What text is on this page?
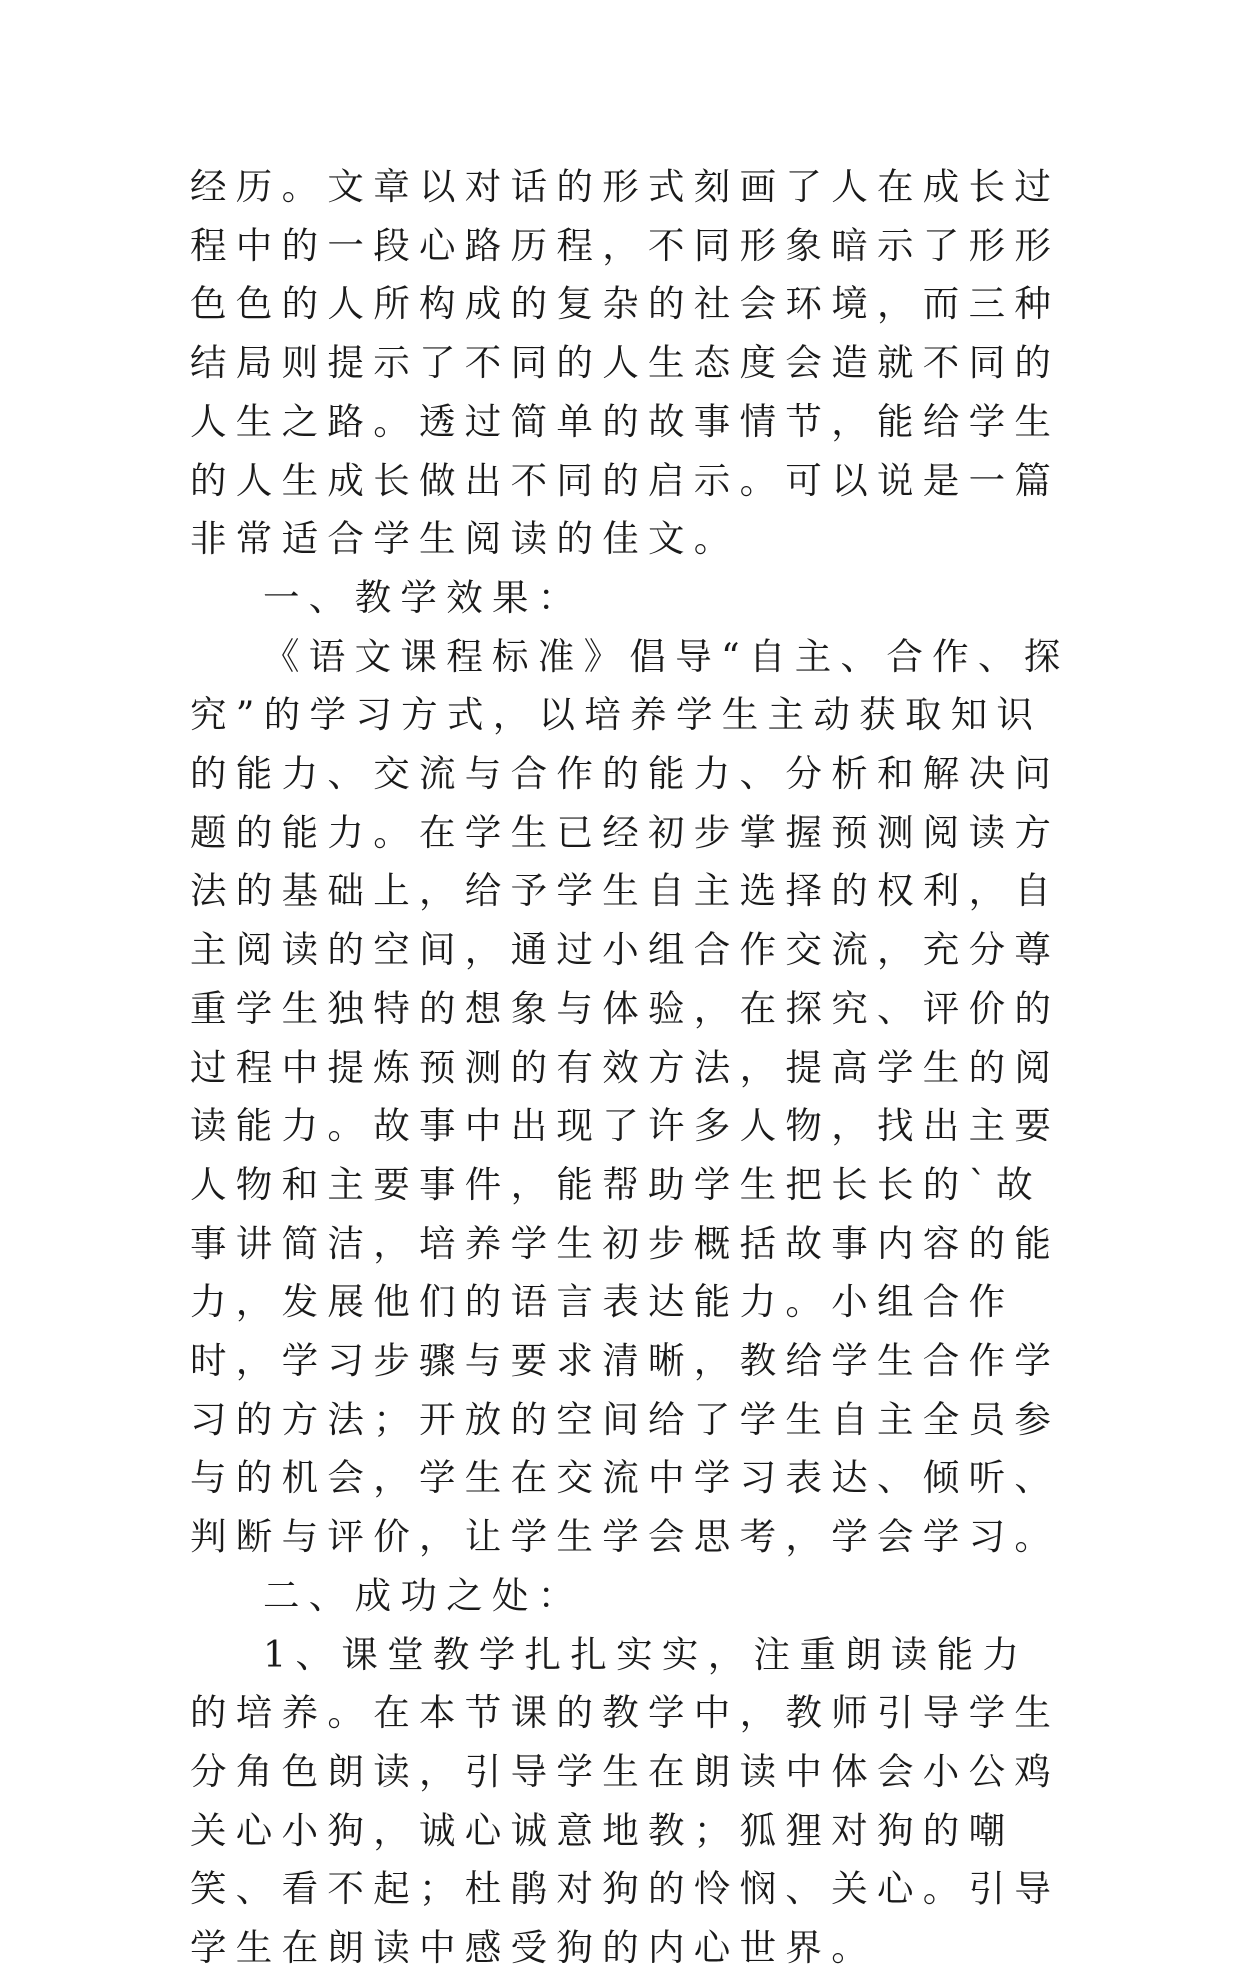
经历。文章以对话的形式刻画了人在成长过程中的一段心路历程，不同形象暗示了形形色色的人所构成的复杂的社会环境，而三种结局则提示了不同的人生态度会造就不同的人生之路。透过简单的故事情节，能给学生的人生成长做出不同的启示。可以说是一篇非常适合学生阅读的佳文。

一、教学效果：

《语文课程标准》倡导“自主、合作、探究”的学习方式，以培养学生主动获取知识的能力、交流与合作的能力、分析和解决问题的能力。在学生已经初步掌握预测阅读方法的基础上，给予学生自主选择的权利，自主阅读的空间，通过小组合作交流，充分尊重学生独特的想象与体验，在探究、评价的过程中提炼预测的有效方法，提高学生的阅读能力。故事中出现了许多人物，找出主要人物和主要事件，能帮助学生把长长的`故事讲简洁，培养学生初步概括故事内容的能力，发展他们的语言表达能力。小组合作时，学习步骤与要求清晰，教给学生合作学习的方法；开放的空间给了学生自主全员参与的机会，学生在交流中学习表达、倾听、判断与评价，让学生学会思考，学会学习。

二、成功之处：

1、课堂教学扎扎实实，注重朗读能力的培养。在本节课的教学中，教师引导学生分角色朗读，引导学生在朗读中体会小公鸡关心小狗，诚心诚意地教；狐狸对狗的嘲笑、看不起；杜鹃对狗的怜悯、关心。引导学生在朗读中感受狗的内心世界。
